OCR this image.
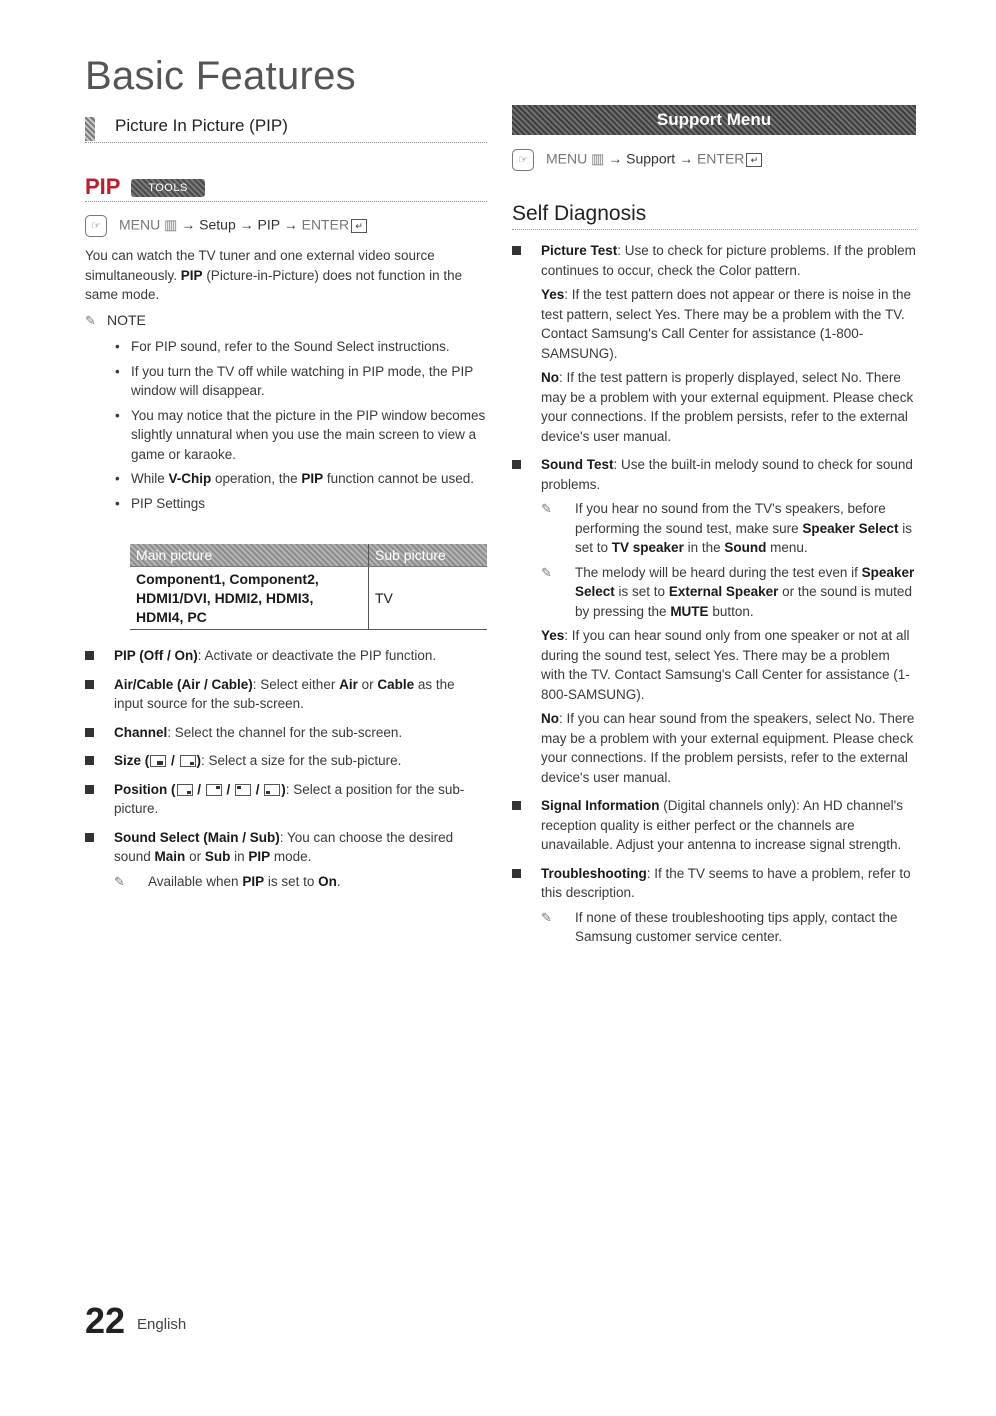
Basic Features
Picture In Picture (PIP)
PIP	TOOLS
☞ MENU ▥ → Setup → PIP → ENTER ↵
You can watch the TV tuner and one external video source simultaneously. PIP (Picture-in-Picture) does not function in the same mode.
✎ NOTE
• For PIP sound, refer to the Sound Select instructions.
• If you turn the TV off while watching in PIP mode, the PIP window will disappear.
• You may notice that the picture in the PIP window becomes slightly unnatural when you use the main screen to view a game or karaoke.
• While V-Chip operation, the PIP function cannot be used.
• PIP Settings
Main picture	Sub picture
Component1, Component2, HDMI1/DVI, HDMI2, HDMI3, HDMI4, PC	TV
PIP (Off / On): Activate or deactivate the PIP function.
Air/Cable (Air / Cable): Select either Air or Cable as the input source for the sub-screen.
Channel: Select the channel for the sub-screen.
Size (
/
): Select a size for the sub-picture.
Position (
/
/
/
): Select a position for the sub-picture.
Sound Select (Main / Sub): You can choose the desired sound Main or Sub in PIP mode.
✎	Available when PIP is set to On.
Support Menu
☞ MENU ▥ → Support → ENTER ↵
Self Diagnosis
Picture Test: Use to check for picture problems. If the problem continues to occur, check the Color pattern.
Yes: If the test pattern does not appear or there is noise in the test pattern, select Yes. There may be a problem with the TV. Contact Samsung's Call Center for assistance (1-800-SAMSUNG).
No: If the test pattern is properly displayed, select No. There may be a problem with your external equipment. Please check your connections. If the problem persists, refer to the external device's user manual.
Sound Test: Use the built-in melody sound to check for sound problems.
✎	If you hear no sound from the TV's speakers, before performing the sound test, make sure Speaker Select is set to TV speaker in the Sound menu.
✎	The melody will be heard during the test even if Speaker Select is set to External Speaker or the sound is muted by pressing the MUTE button.
Yes: If you can hear sound only from one speaker or not at all during the sound test, select Yes. There may be a problem with the TV. Contact Samsung's Call Center for assistance (1-800-SAMSUNG).
No: If you can hear sound from the speakers, select No. There may be a problem with your external equipment. Please check your connections. If the problem persists, refer to the external device's user manual.
Signal Information (Digital channels only): An HD channel's reception quality is either perfect or the channels are unavailable. Adjust your antenna to increase signal strength.
Troubleshooting: If the TV seems to have a problem, refer to this description.
✎	If none of these troubleshooting tips apply, contact the Samsung customer service center.
22 English
